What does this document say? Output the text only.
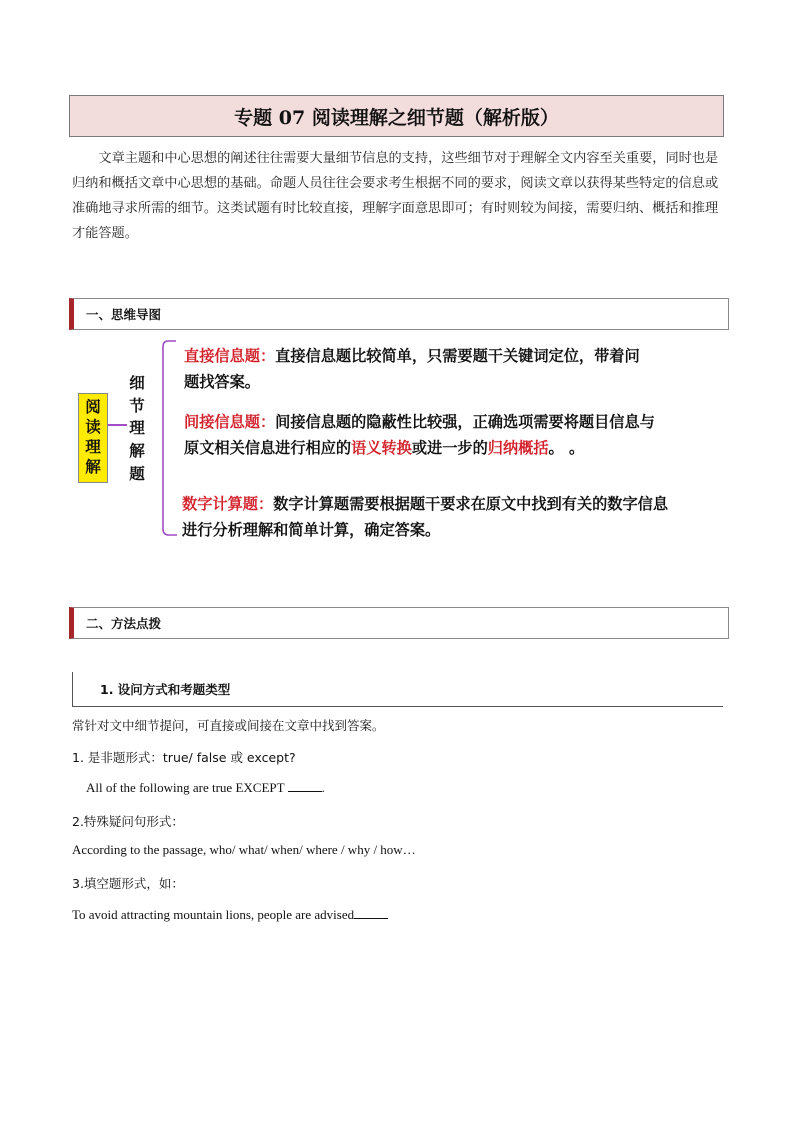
专题 07 阅读理解之细节题（解析版）

文章主题和中心思想的阐述往往需要大量细节信息的支持，这些细节对于理解全文内容至关重要，同时也是归纳和概括文章中心思想的基础。命题人员往往会要求考生根据不同的要求，阅读文章以获得某些特定的信息或准确地寻求所需的细节。这类试题有时比较直接，理解字面意思即可；有时则较为间接，需要归纳、概括和推理才能答题。

一、思维导图
阅
读
理
解
细
节
理
解
题
直接信息题：直接信息题比较简单，只需要题干关键词定位，带着问题找答案。
间接信息题：间接信息题的隐蔽性比较强，正确选项需要将题目信息与原文相关信息进行相应的语义转换或进一步的归纳概括。 。
数字计算题：数字计算题需要根据题干要求在原文中找到有关的数字信息进行分析理解和简单计算，确定答案。
二、方法点拨
1. 设问方式和考题类型

常针对文中细节提问，可直接或间接在文章中找到答案。

1. 是非题形式：true/ false 或 except?

All of the following are true EXCEPT	.

2.特殊疑问句形式：

According to the passage, who/ what/ when/ where / why / how…

3.填空题形式，如：

To avoid attracting mountain lions, people are advised
